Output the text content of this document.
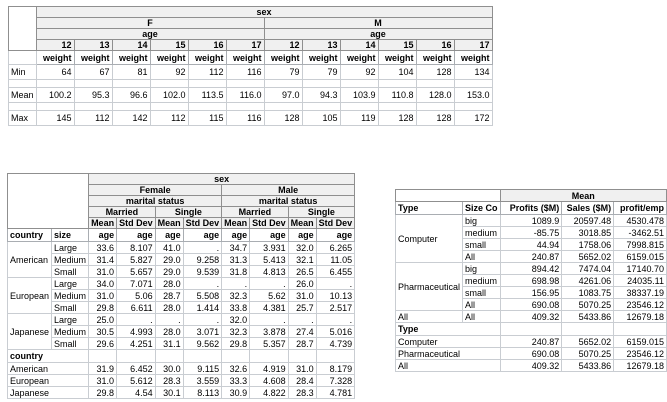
	sex											
	F						M					
	age						age					
	12	13	14	15	16	17	12	13	14	15	16	17
	weight	weight	weight	weight	weight	weight	weight	weight	weight	weight	weight	weight
Min	64	67	81	92	112	116	79	79	92	104	128	134

Mean	100.2	95.3	96.6	102.0	113.5	116.0	97.0	94.3	103.9	110.8	128.0	153.0

Max	145	112	142	112	115	116	128	105	119	128	128	172
		sex							
		Female				Male			
		marital status				marital status			
		Married		Single		Married		Single	
		Mean	Std Dev	Mean	Std Dev	Mean	Std Dev	Mean	Std Dev
country	size	age	age	age	age	age	age	age	age
American	Large	33.6	8.107	41.0	.	34.7	3.931	32.0	6.265
	Medium	31.4	5.827	29.0	9.258	31.3	5.413	32.1	11.05
	Small	31.0	5.657	29.0	9.539	31.8	4.813	26.5	6.455
European	Large	34.0	7.071	28.0	.	.	.	26.0	.
	Medium	31.0	5.06	28.7	5.508	32.3	5.62	31.0	10.13
	Small	29.8	6.611	28.0	1.414	33.8	4.381	25.7	2.517
Japanese	Large	25.0	.	.	.	32.0	.	.	.
	Medium	30.5	4.993	28.0	3.071	32.3	3.878	27.4	5.016
	Small	29.6	4.251	31.1	9.562	29.8	5.357	28.7	4.739
country									
American		31.9	6.452	30.0	9.115	32.6	4.919	31.0	8.179
European		31.0	5.612	28.3	3.559	33.3	4.608	28.4	7.328
Japanese		29.8	4.54	30.1	8.113	30.9	4.822	28.3	4.781
		Mean		
Type	Size Co	Profits ($M)	Sales ($M)	profit/emp
Computer	big	1089.9	20597.48	4530.478
	medium	-85.75	3018.85	-3462.51
	small	44.94	1758.06	7998.815
	All	240.87	5652.02	6159.015
Pharmaceutical	big	894.42	7474.04	17140.70
	medium	698.98	4261.06	24035.11
	small	156.95	1083.75	38337.19
	All	690.08	5070.25	23546.12
All	All	409.32	5433.86	12679.18
Type				
Computer		240.87	5652.02	6159.015
Pharmaceutical		690.08	5070.25	23546.12
All		409.32	5433.86	12679.18
